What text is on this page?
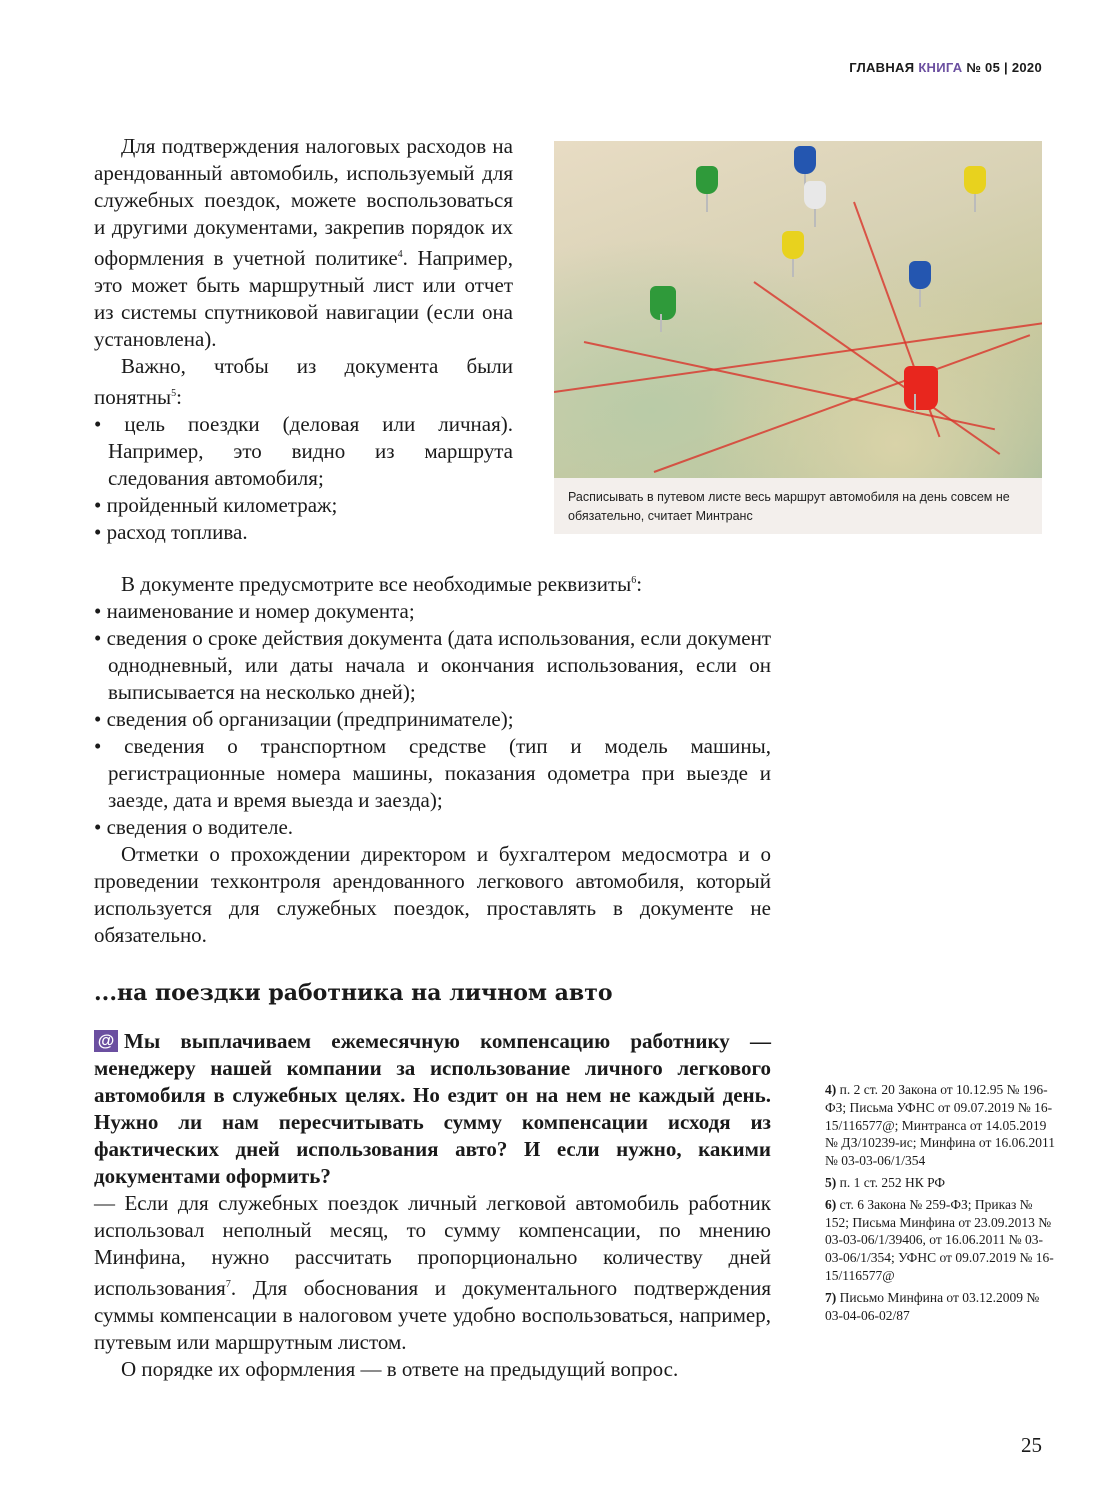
ГЛАВНАЯ КНИГА № 05 | 2020

Для подтверждения налоговых расходов на арендованный автомобиль, используемый для служебных поездок, можете воспользоваться и другими документами, закрепив порядок их оформления в учетной политике$^4$. Например, это может быть маршрутный лист или отчет из системы спутниковой навигации (если она установлена).

Важно, чтобы из документа были понятны$^5$:

• цель поездки (деловая или личная). Например, это видно из маршрута следования автомобиля;

• пройденный километраж;

• расход топлива.

В документе предусмотрите все необходимые реквизиты$^6$:

• наименование и номер документа;

• сведения о сроке действия документа (дата использования, если документ однодневный, или даты начала и окончания использования, если он выписывается на несколько дней);

• сведения об организации (предпринимателе);

• сведения о транспортном средстве (тип и модель машины, регистрационные номера машины, показания одометра при выезде и заезде, дата и время выезда и заезда);

• сведения о водителе.

Отметки о прохождении директором и бухгалтером медосмотра и о проведении техконтроля арендованного легкового автомобиля, который используется для служебных поездок, проставлять в документе не обязательно.

Расписывать в путевом листе весь маршрут автомобиля на день совсем не обязательно, считает Минтранс
...на поездки работника на личном авто

@ Мы выплачиваем ежемесячную компенсацию работнику — менеджеру нашей компании за использование личного легкового автомобиля в служебных целях. Но ездит он на нем не каждый день. Нужно ли нам пересчитывать сумму компенсации исходя из фактических дней использования авто? И если нужно, какими документами оформить?

— Если для служебных поездок личный легковой автомобиль работник использовал неполный месяц, то сумму компенсации, по мнению Минфина, нужно рассчитать пропорционально количеству дней использования$^7$. Для обоснования и документального подтверждения суммы компенсации в налоговом учете удобно воспользоваться, например, путевым или маршрутным листом.

О порядке их оформления — в ответе на предыдущий вопрос.

4) п. 2 ст. 20 Закона от 10.12.95 № 196-ФЗ; Письма УФНС от 09.07.2019 № 16-15/116577@; Минтранса от 14.05.2019 № ДЗ/10239-ис; Минфина от 16.06.2011 № 03-03-06/1/354

5) п. 1 ст. 252 НК РФ

6) ст. 6 Закона № 259-ФЗ; Приказ № 152; Письма Минфина от 23.09.2013 № 03-03-06/1/39406, от 16.06.2011 № 03-03-06/1/354; УФНС от 09.07.2019 № 16-15/116577@

7) Письмо Минфина от 03.12.2009 № 03-04-06-02/87

25
